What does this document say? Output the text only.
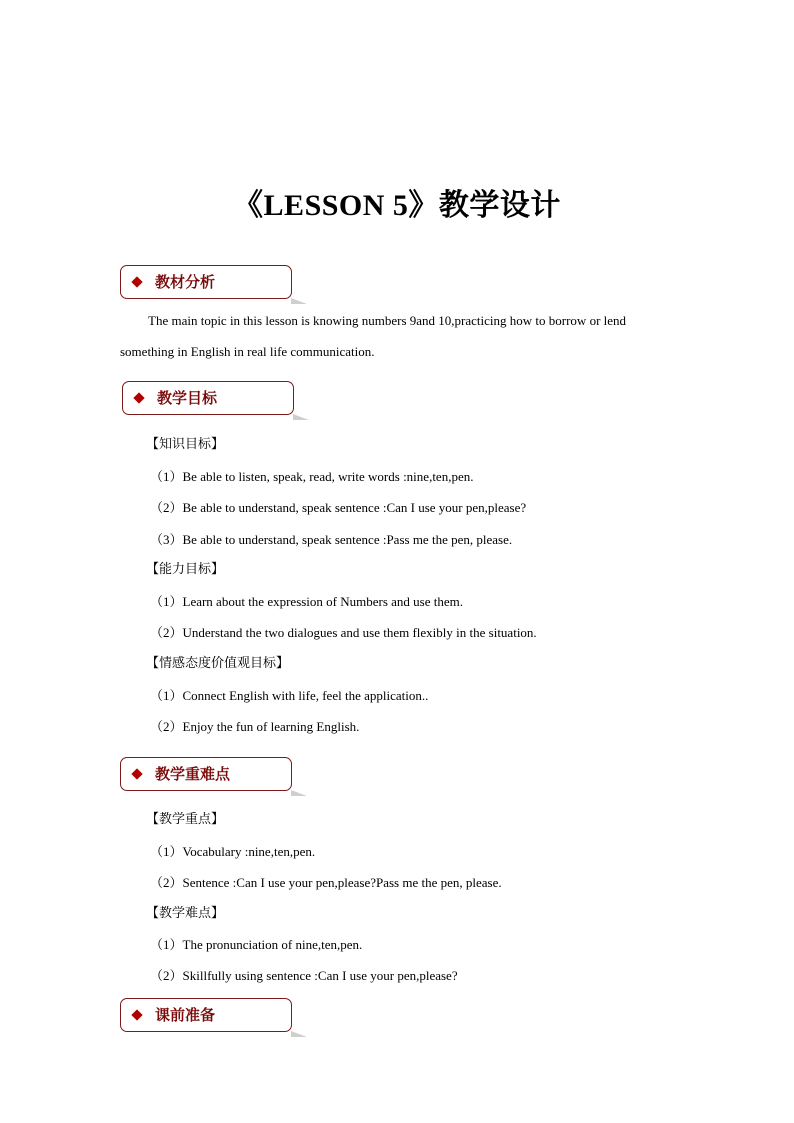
《LESSON 5》教学设计
教材分析
The main topic in this lesson is knowing numbers 9and 10,practicing how to borrow or lend
something in English in real life communication.
教学目标
【知识目标】
（1）Be able to listen, speak, read, write words :nine,ten,pen.
（2）Be able to understand, speak sentence :Can I use your pen,please?
（3）Be able to understand, speak sentence :Pass me the pen, please.
【能力目标】
（1）Learn about the expression of Numbers and use them.
（2）Understand the two dialogues and use them flexibly in the situation.
【情感态度价值观目标】
（1）Connect English with life, feel the application..
（2）Enjoy the fun of learning English.
教学重难点
【教学重点】
（1）Vocabulary :nine,ten,pen.
（2）Sentence :Can I use your pen,please?Pass me the pen, please.
【教学难点】
（1）The pronunciation of nine,ten,pen.
（2）Skillfully using sentence :Can I use your pen,please?
课前准备
